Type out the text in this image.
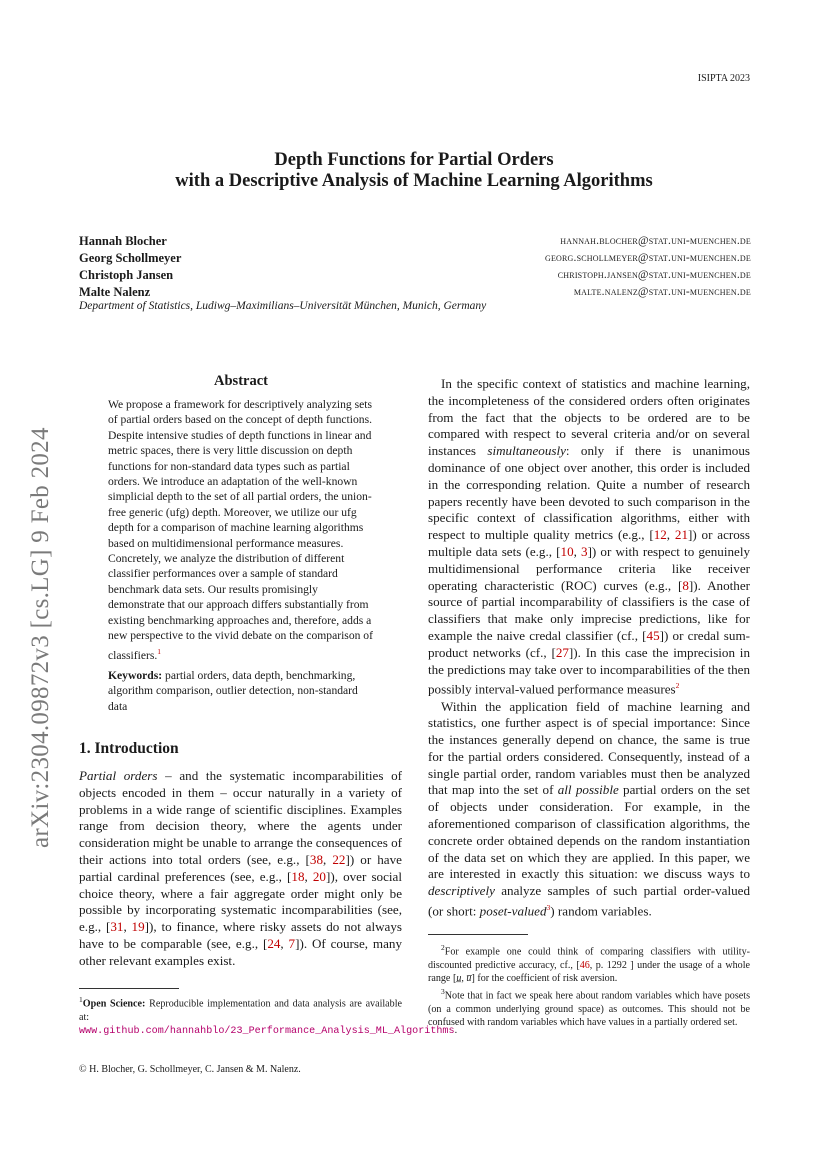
ISIPTA 2023
Depth Functions for Partial Orders
with a Descriptive Analysis of Machine Learning Algorithms
Hannah Blocher	hannah.blocher@stat.uni-muenchen.de
Georg Schollmeyer	georg.schollmeyer@stat.uni-muenchen.de
Christoph Jansen	christoph.jansen@stat.uni-muenchen.de
Malte Nalenz	malte.nalenz@stat.uni-muenchen.de
Department of Statistics, Ludiwg–Maximilians–Universität München, Munich, Germany
arXiv:2304.09872v3 [cs.LG] 9 Feb 2024
Abstract
We propose a framework for descriptively analyzing sets of partial orders based on the concept of depth functions. Despite intensive studies of depth functions in linear and metric spaces, there is very little discussion on depth functions for non-standard data types such as partial orders. We introduce an adaptation of the well-known simplicial depth to the set of all partial orders, the union-free generic (ufg) depth. Moreover, we utilize our ufg depth for a comparison of machine learning algorithms based on multidimensional performance measures. Concretely, we analyze the distribution of different classifier performances over a sample of standard benchmark data sets. Our results promisingly demonstrate that our approach differs substantially from existing benchmarking approaches and, therefore, adds a new perspective to the vivid debate on the comparison of classifiers.$^1$
Keywords: partial orders, data depth, benchmarking, algorithm comparison, outlier detection, non-standard data
1. Introduction

Partial orders – and the systematic incomparabilities of objects encoded in them – occur naturally in a variety of problems in a wide range of scientific disciplines. Examples range from decision theory, where the agents under consideration might be unable to arrange the consequences of their actions into total orders (see, e.g., [38, 22]) or have partial cardinal preferences (see, e.g., [18, 20]), over social choice theory, where a fair aggregate order might only be possible by incorporating systematic incomparabilities (see, e.g., [31, 19]), to finance, where risky assets do not always have to be comparable (see, e.g., [24, 7]). Of course, many other relevant examples exist.

In the specific context of statistics and machine learning, the incompleteness of the considered orders often originates from the fact that the objects to be ordered are to be compared with respect to several criteria and/or on several instances simultaneously: only if there is unanimous dominance of one object over another, this order is included in the corresponding relation. Quite a number of research papers recently have been devoted to such comparison in the specific context of classification algorithms, either with respect to multiple quality metrics (e.g., [12, 21]) or across multiple data sets (e.g., [10, 3]) or with respect to genuinely multidimensional performance criteria like receiver operating characteristic (ROC) curves (e.g., [8]). Another source of partial incomparability of classifiers is the case of classifiers that make only imprecise predictions, like for example the naive credal classifier (cf., [45]) or credal sum-product networks (cf., [27]). In this case the imprecision in the predictions may take over to incomparabilities of the then possibly interval-valued performance measures$^2$

Within the application field of machine learning and statistics, one further aspect is of special importance: Since the instances generally depend on chance, the same is true for the partial orders considered. Consequently, instead of a single partial order, random variables must then be analyzed that map into the set of all possible partial orders on the set of objects under consideration. For example, in the aforementioned comparison of classification algorithms, the concrete order obtained depends on the random instantiation of the data set on which they are applied. In this paper, we are interested in exactly this situation: we discuss ways to descriptively analyze samples of such partial order-valued (or short: poset-valued$^3$) random variables.

$^1$Open Science: Reproducible implementation and data analysis are available at: www.github.com/hannahblo/23_Performance_Analysis_ML_Algorithms.

$^2$For example one could think of comparing classifiers with utility-discounted predictive accuracy, cf., [46, p. 1292 ] under the usage of a whole range [u̲, u̅] for the coefficient of risk aversion.

$^3$Note that in fact we speak here about random variables which have posets (on a common underlying ground space) as outcomes. This should not be confused with random variables which have values in a partially ordered set.

© H. Blocher, G. Schollmeyer, C. Jansen & M. Nalenz.
